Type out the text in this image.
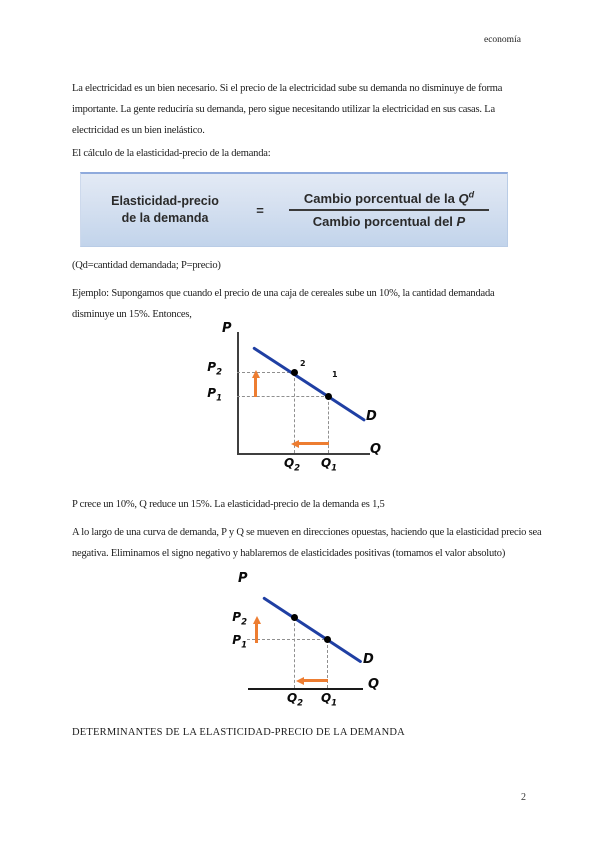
economía
La electricidad es un bien necesario. Si el precio de la electricidad sube su demanda no disminuye de forma importante. La gente reduciría su demanda, pero sigue necesitando utilizar la electricidad en sus casas. La electricidad es un bien inelástico.
El cálculo de la elasticidad-precio de la demanda:
Elasticidad-precio
de la demanda
= $\frac{Cambio porcentual de la Q^d}{\text{Cambio porcentual del P}}$
(Qd=cantidad demandada; P=precio)
Ejemplo: Supongamos que cuando el precio de una caja de cereales sube un 10%, la cantidad demandada disminuye un 15%. Entonces,
P
2
1
$P_2$
$P_1$
$Q_2$	$Q_1$
Q
D
P crece un 10%, Q reduce un 15%. La elasticidad-precio de la demanda es 1,5
A lo largo de una curva de demanda, P y Q se mueven en direcciones opuestas, haciendo que la elasticidad precio sea negativa. Eliminamos el signo negativo y hablaremos de elasticidades positivas (tomamos el valor absoluto)
P
$P_2$
$P_1$
Q
D
$Q_2$	$Q_1$
DETERMINANTES DE LA ELASTICIDAD-PRECIO DE LA DEMANDA
2
